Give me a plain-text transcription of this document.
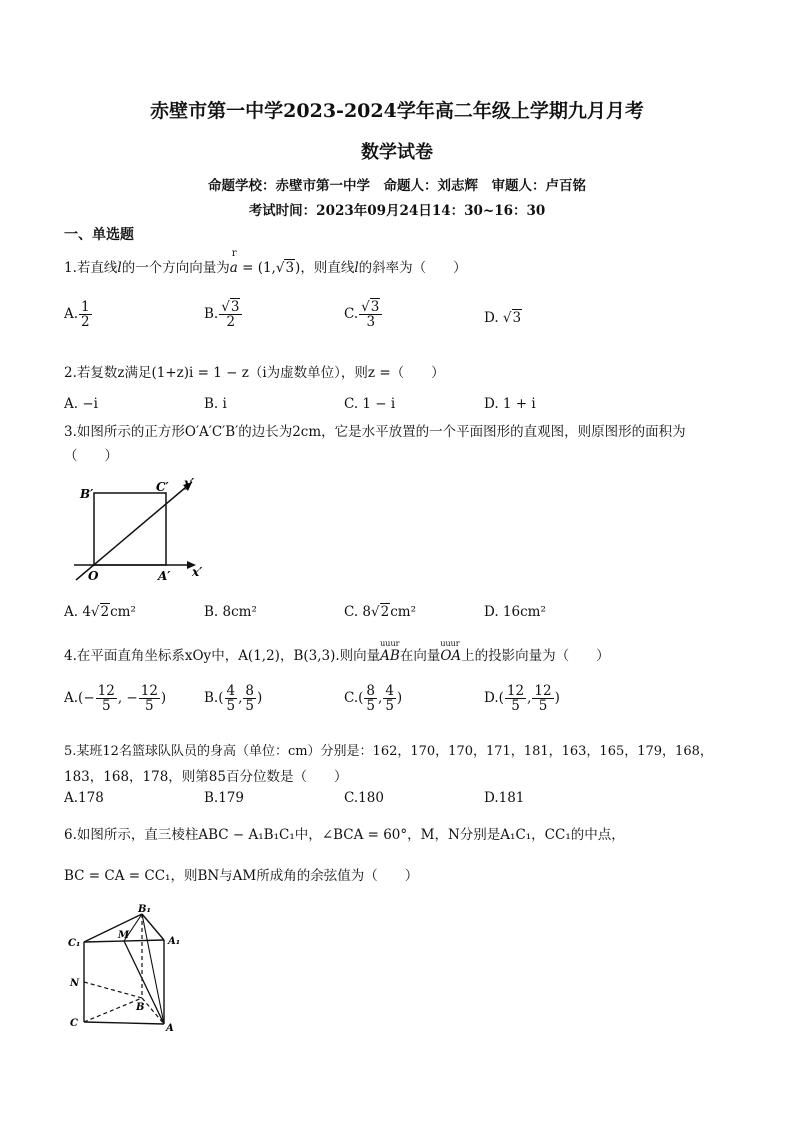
赤壁市第一中学2023-2024学年高二年级上学期九月月考
数学试卷
命题学校：赤壁市第一中学　命题人：刘志辉　审题人：卢百铭
考试时间：2023年09月24日14：30~16：30
一、单选题
1.若直线l的一个方向向量为
r
a = (1,√3)，则直线l的斜率为（　　）
A. $\frac{1}{2}$	B. $\frac{√3}{2}$	C. $\frac{√3}{3}$	D. √3
2.若复数z满足(1+z)i = 1 − z（i为虚数单位），则z =（　　）
A. −i	B. i	C. 1 − i	D. 1 + i
3.如图所示的正方形O′A′C′B′的边长为2cm，它是水平放置的一个平面图形的直观图，则原图形的面积为
（　　）
B′	C′ y′
O	A′ x′
A. 4√2cm²	B. 8cm²	C. 8√2cm²	D. 16cm²
4.在平面直角坐标系xOy中，A(1,2)，B(3,3).则向量
uuur
AB在向量
uuur
OA上的投影向量为（　　）
$A.(- \frac{12}{5}$ , − $\frac{12}{5}$ )	$B.( \frac{4}{5}$ , $\frac{8}{5}$ )	$C.( \frac{8}{5}$ , $\frac{4}{5}$ )	$D.( \frac{12}{5}$ , $\frac{12}{5}$ )
5.某班12名篮球队队员的身高（单位：cm）分别是：162，170，170，171，181，163，165，179，168，
183，168，178，则第85百分位数是（　　）
A.178	B.179	C.180	D.181
6.如图所示，直三棱柱ABC − A₁B₁C₁中，∠BCA = 60°，M，N分别是A₁C₁，CC₁的中点，
BC = CA = CC₁，则BN与AM所成角的余弦值为（　　）
B₁
C₁
M
A₁
N
B
C	A
